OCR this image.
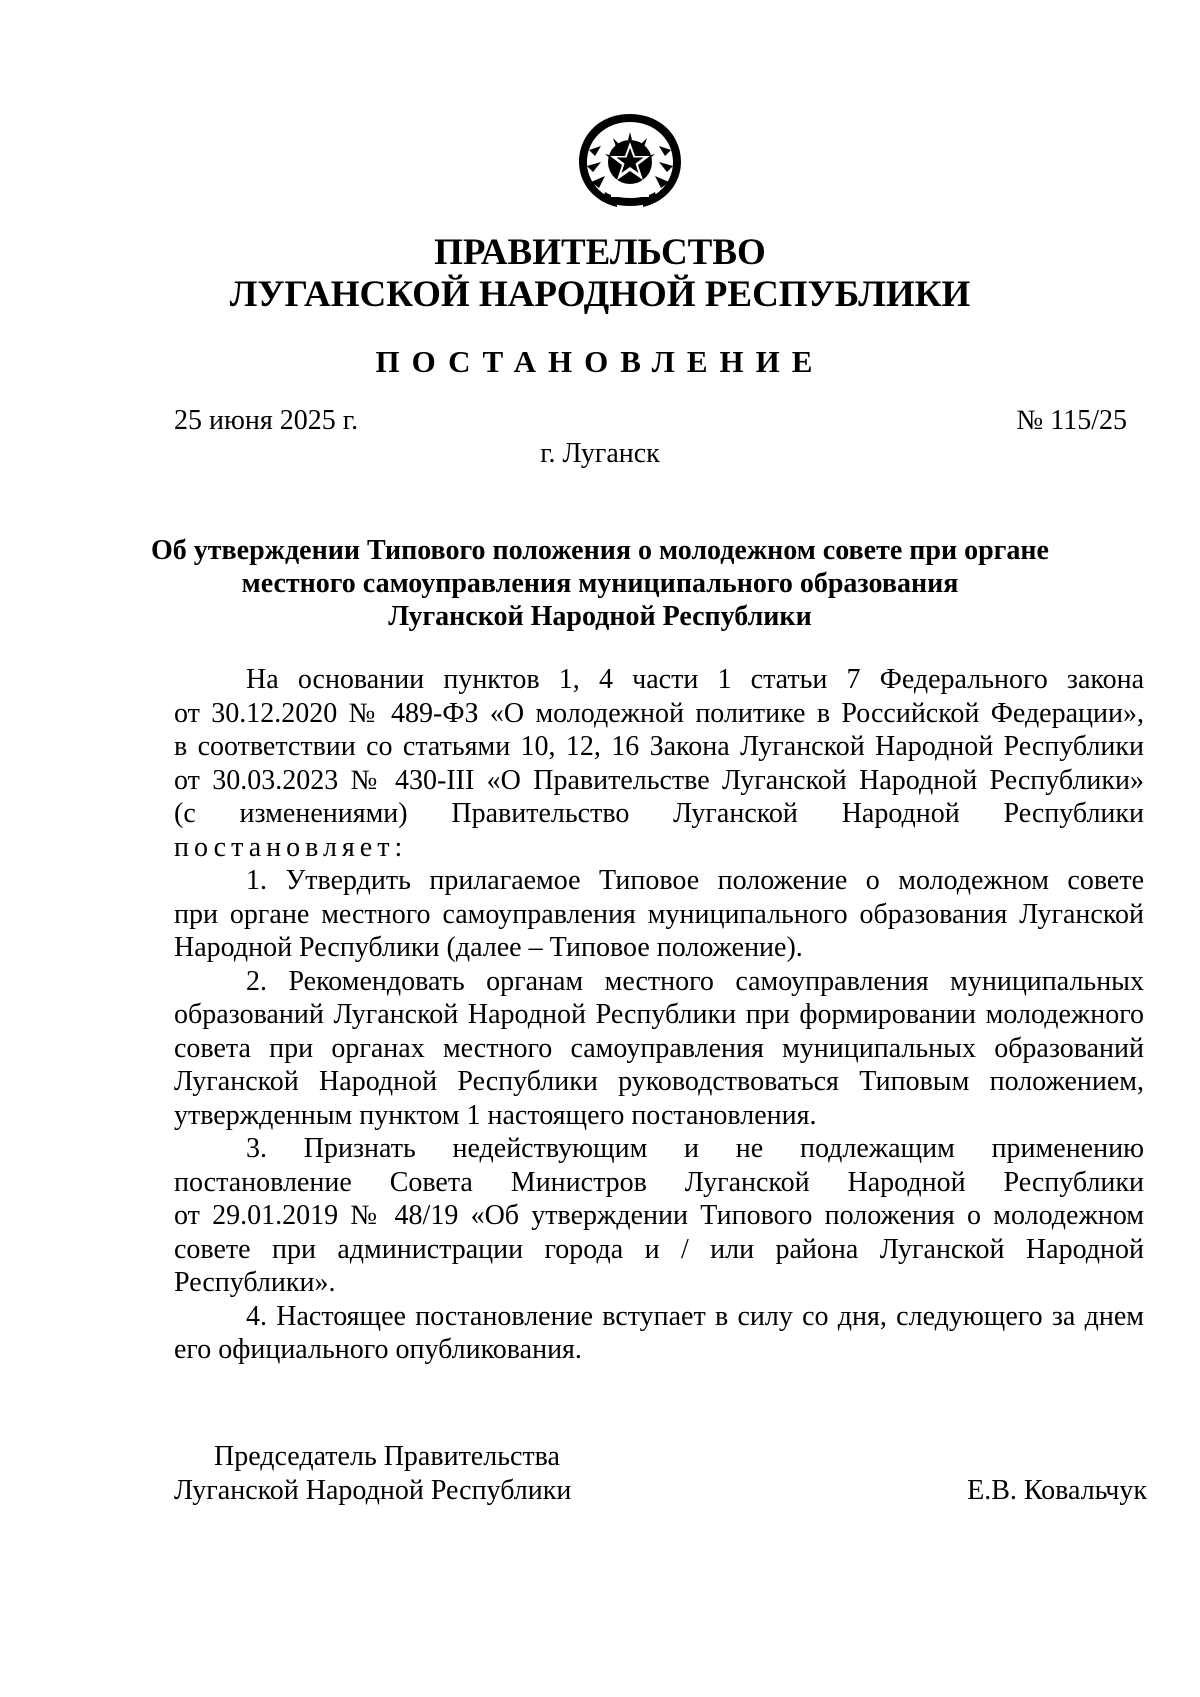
ПРАВИТЕЛЬСТВО
ЛУГАНСКОЙ НАРОДНОЙ РЕСПУБЛИКИ
ПОСТАНОВЛЕНИЕ
25 июня 2025 г.	№ 115/25
г. Луганск
Об утверждении Типового положения о молодежном совете при органе
местного самоуправления муниципального образования
Луганской Народной Республики
На основании пунктов 1, 4 части 1 статьи 7 Федерального закона
от 30.12.2020 № 489-ФЗ «О молодежной политике в Российской Федерации»,
в соответствии со статьями 10, 12, 16 Закона Луганской Народной Республики
от 30.03.2023 № 430-III «О Правительстве Луганской Народной Республики»
(с изменениями) Правительство Луганской Народной Республики
постановляет:
1. Утвердить прилагаемое Типовое положение о молодежном совете
при органе местного самоуправления муниципального образования Луганской
Народной Республики (далее – Типовое положение).
2. Рекомендовать органам местного самоуправления муниципальных
образований Луганской Народной Республики при формировании молодежного
совета при органах местного самоуправления муниципальных образований
Луганской Народной Республики руководствоваться Типовым положением,
утвержденным пунктом 1 настоящего постановления.
3. Признать недействующим и не подлежащим применению
постановление Совета Министров Луганской Народной Республики
от 29.01.2019 № 48/19 «Об утверждении Типового положения о молодежном
совете при администрации города и / или района Луганской Народной
Республики».
4. Настоящее постановление вступает в силу со дня, следующего за днем
его официального опубликования.
Председатель Правительства
Луганской Народной Республики	Е.В. Ковальчук
